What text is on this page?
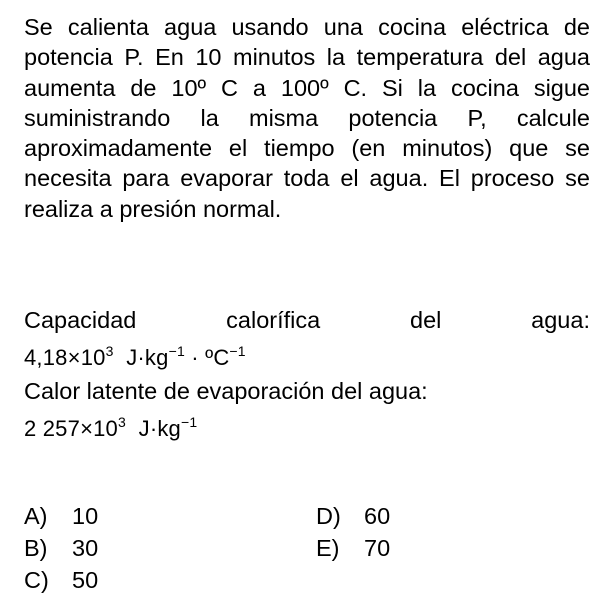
Se calienta agua usando una cocina eléctrica de potencia P. En 10 minutos la temperatura del agua aumenta de 10º C a 100º C. Si la cocina sigue suministrando la misma potencia P, calcule aproximadamente el tiempo (en minutos) que se necesita para evaporar toda el agua. El proceso se realiza a presión normal.

Capacidad	calorífica	del	agua:
$4,18\times 10^3$ $J\cdot kg^{-1}$ · ºC$^{-1}$
Calor latente de evaporación del agua:
2 $257\times 10^3$ $J\cdot kg^{-1}$
A) 10
B) 30
C) 50
D) 60
E) 70
